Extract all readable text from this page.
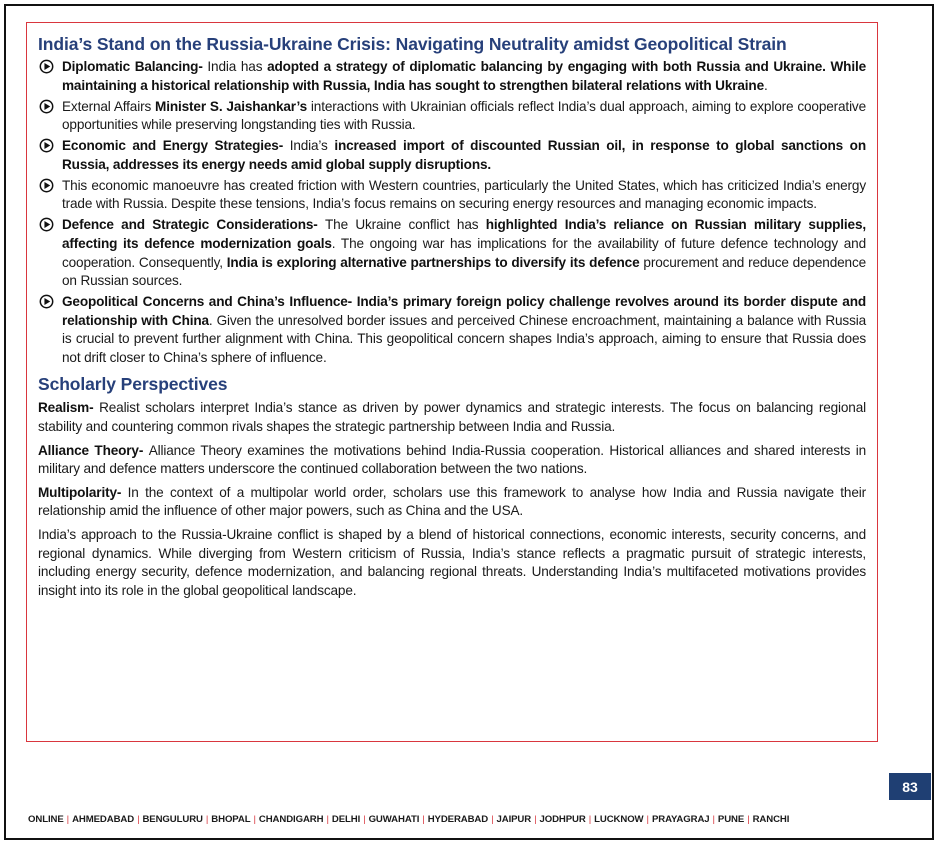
India’s Stand on the Russia-Ukraine Crisis: Navigating Neutrality amidst Geopolitical Strain
Diplomatic Balancing- India has adopted a strategy of diplomatic balancing by engaging with both Russia and Ukraine. While maintaining a historical relationship with Russia, India has sought to strengthen bilateral relations with Ukraine.
External Affairs Minister S. Jaishankar’s interactions with Ukrainian officials reflect India’s dual approach, aiming to explore cooperative opportunities while preserving longstanding ties with Russia.
Economic and Energy Strategies- India’s increased import of discounted Russian oil, in response to global sanctions on Russia, addresses its energy needs amid global supply disruptions.
This economic manoeuvre has created friction with Western countries, particularly the United States, which has criticized India’s energy trade with Russia. Despite these tensions, India’s focus remains on securing energy resources and managing economic impacts.
Defence and Strategic Considerations- The Ukraine conflict has highlighted India’s reliance on Russian military supplies, affecting its defence modernization goals. The ongoing war has implications for the availability of future defence technology and cooperation. Consequently, India is exploring alternative partnerships to diversify its defence procurement and reduce dependence on Russian sources.
Geopolitical Concerns and China’s Influence- India’s primary foreign policy challenge revolves around its border dispute and relationship with China. Given the unresolved border issues and perceived Chinese encroachment, maintaining a balance with Russia is crucial to prevent further alignment with China. This geopolitical concern shapes India’s approach, aiming to ensure that Russia does not drift closer to China’s sphere of influence.
Scholarly Perspectives
Realism- Realist scholars interpret India’s stance as driven by power dynamics and strategic interests. The focus on balancing regional stability and countering common rivals shapes the strategic partnership between India and Russia.
Alliance Theory- Alliance Theory examines the motivations behind India-Russia cooperation. Historical alliances and shared interests in military and defence matters underscore the continued collaboration between the two nations.
Multipolarity- In the context of a multipolar world order, scholars use this framework to analyse how India and Russia navigate their relationship amid the influence of other major powers, such as China and the USA.
India’s approach to the Russia-Ukraine conflict is shaped by a blend of historical connections, economic interests, security concerns, and regional dynamics. While diverging from Western criticism of Russia, India’s stance reflects a pragmatic pursuit of strategic interests, including energy security, defence modernization, and balancing regional threats. Understanding India’s multifaceted motivations provides insight into its role in the global geopolitical landscape.
83
ONLINE | AHMEDABAD | BENGULURU | BHOPAL | CHANDIGARH | DELHI | GUWAHATI | HYDERABAD | JAIPUR | JODHPUR | LUCKNOW | PRAYAGRAJ | PUNE | RANCHI
